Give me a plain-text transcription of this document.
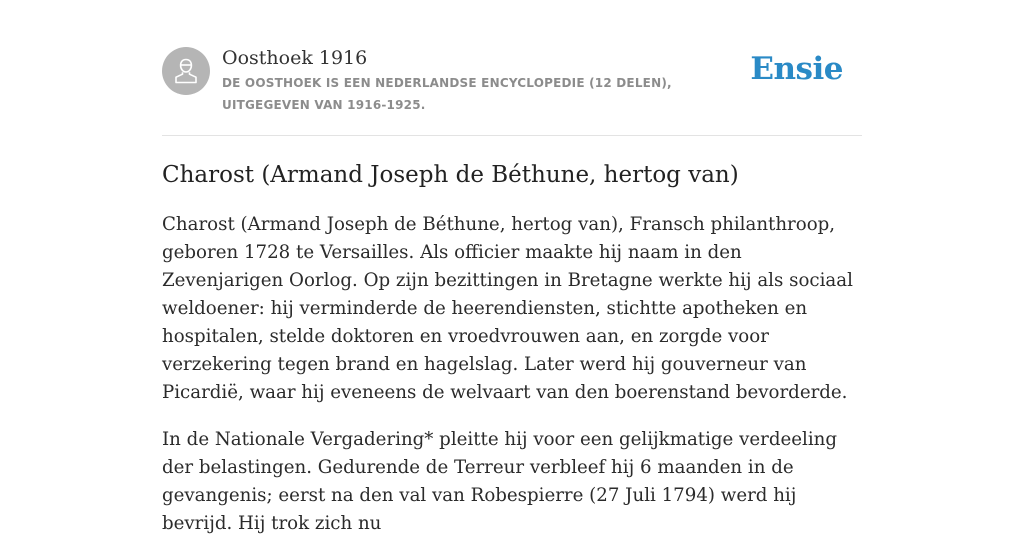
Oosthoek 1916
DE OOSTHOEK IS EEN NEDERLANDSE ENCYCLOPEDIE (12 DELEN), UITGEGEVEN VAN 1916-1925.
Ensie
Charost (Armand Joseph de Béthune, hertog van)

Charost (Armand Joseph de Béthune, hertog van), Fransch philanthroop, geboren 1728 te Versailles. Als officier maakte hij naam in den Zevenjarigen Oorlog. Op zijn bezittingen in Bretagne werkte hij als sociaal weldoener: hij verminderde de heerendiensten, stichtte apotheken en hospitalen, stelde doktoren en vroedvrouwen aan, en zorgde voor verzekering tegen brand en hagelslag. Later werd hij gouverneur van Picardië, waar hij eveneens de welvaart van den boerenstand bevorderde.

In de Nationale Vergadering* pleitte hij voor een gelijkmatige verdeeling der belastingen. Gedurende de Terreur verbleef hij 6 maanden in de gevangenis; eerst na den val van Robespierre (27 Juli 1794) werd hij bevrijd. Hij trok zich nu
